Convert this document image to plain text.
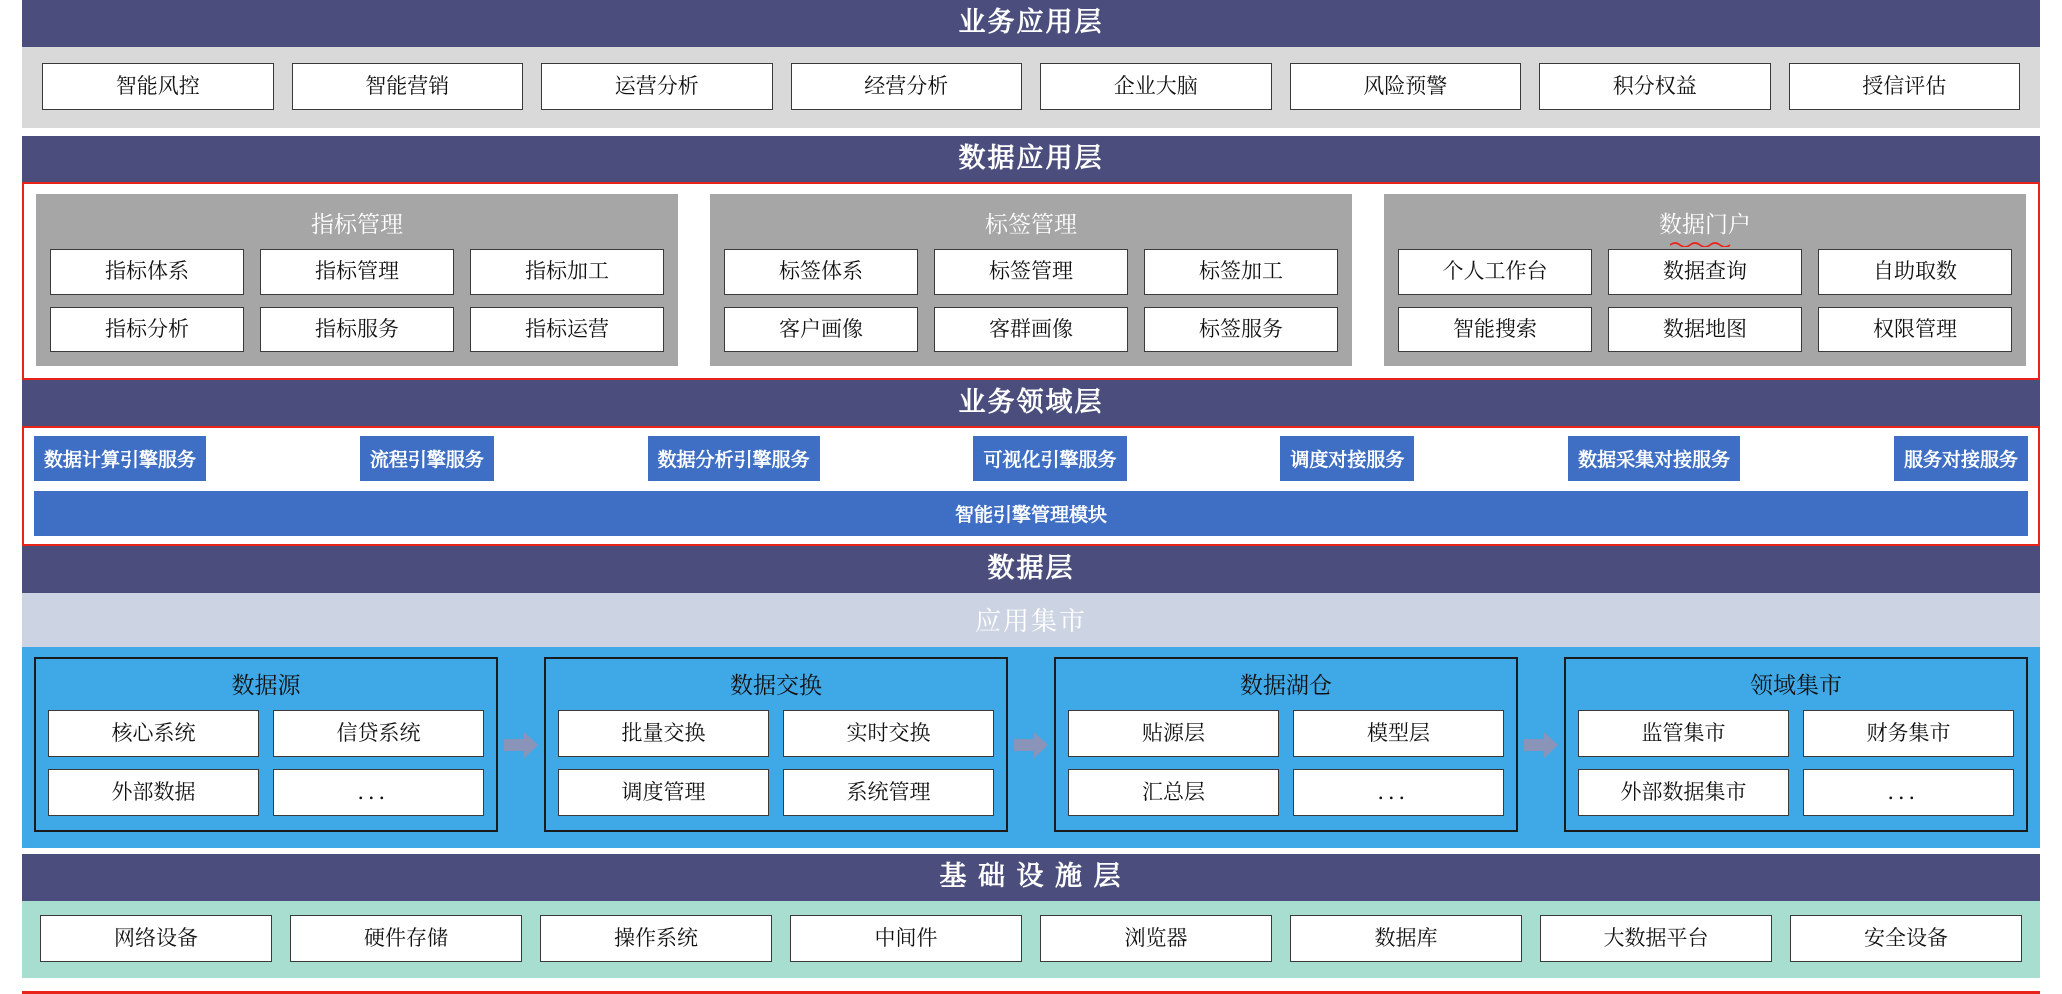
业务应用层
智能风控	智能营销	运营分析	经营分析	企业大脑	风险预警	积分权益	授信评估
数据应用层
指标管理
指标体系	指标管理	指标加工
指标分析	指标服务	指标运营
标签管理
标签体系	标签管理	标签加工
客户画像	客群画像	标签服务
数据门户
个人工作台	数据查询	自助取数
智能搜索	数据地图	权限管理
业务领域层
数据计算引擎服务	流程引擎服务	数据分析引擎服务	可视化引擎服务	调度对接服务	数据采集对接服务	服务对接服务
智能引擎管理模块
数据层
应用集市
数据源
核心系统	信贷系统
外部数据	．．．
数据交换
批量交换	实时交换
调度管理	系统管理
数据湖仓
贴源层	模型层
汇总层	．．．
领域集市
监管集市	财务集市
外部数据集市	．．．
基 础 设 施 层
网络设备	硬件存储	操作系统	中间件	浏览器	数据库	大数据平台	安全设备
